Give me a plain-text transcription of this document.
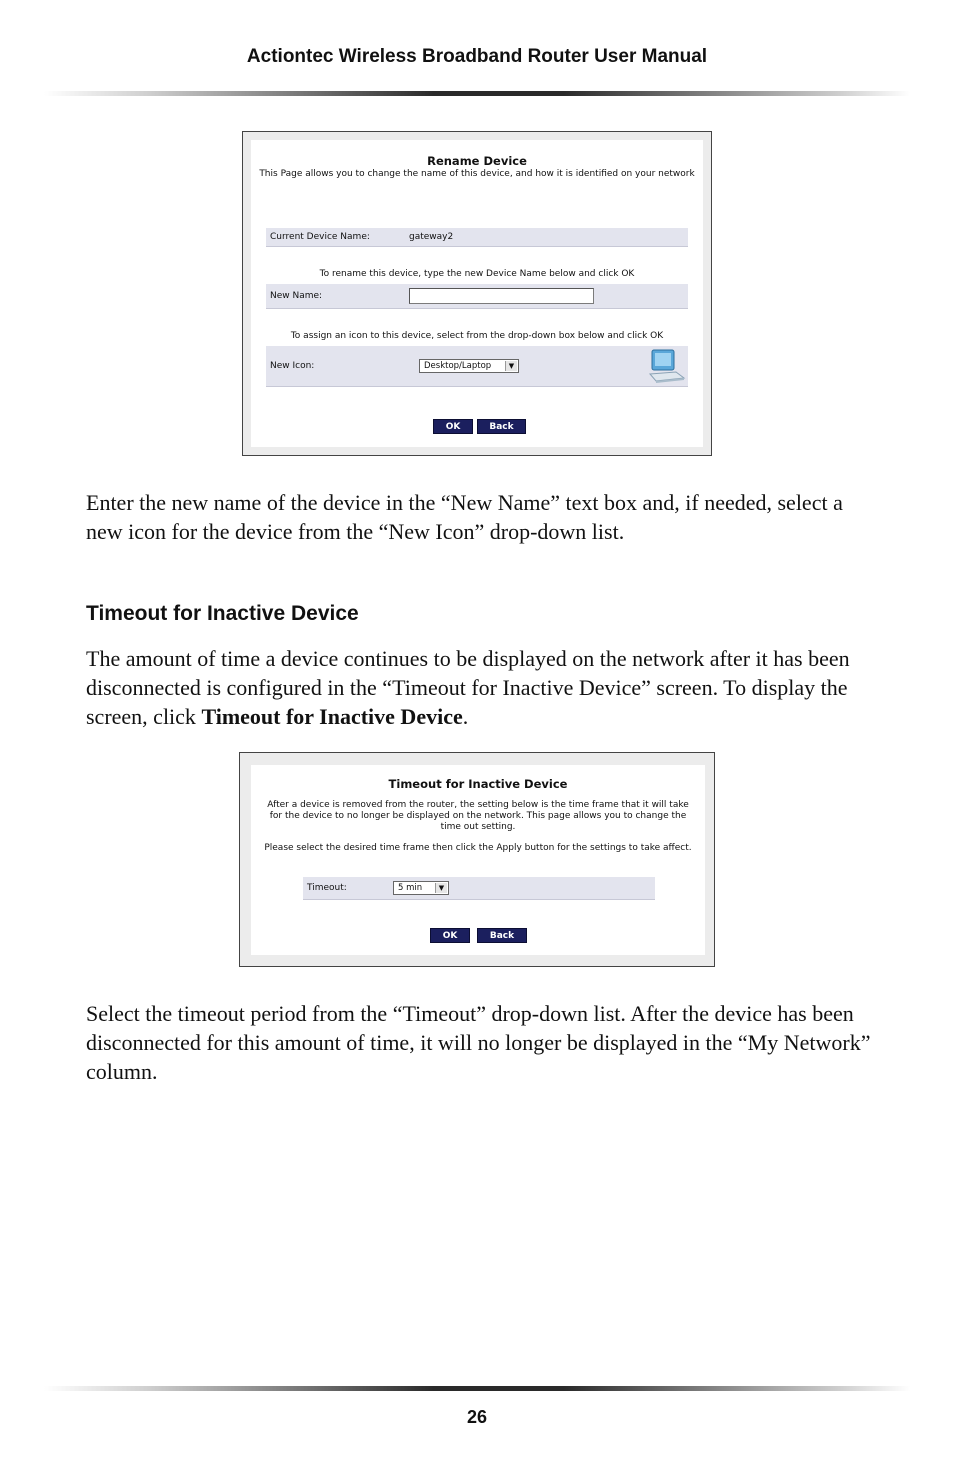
Actiontec Wireless Broadband Router User Manual
Rename Device
This Page allows you to change the name of this device, and how it is identified on your network
Current Device Name:	gateway2
To rename this device, type the new Device Name below and click OK
New Name:
To assign an icon to this device, select from the drop-down box below and click OK
New Icon:	Desktop/Laptop	▼
OK	Back

Enter the new name of the device in the “New Name” text box and, if needed, select a new icon for the device from the “New Icon” drop-down list.

Timeout for Inactive Device

The amount of time a device continues to be displayed on the network after it has been disconnected is configured in the “Timeout for Inactive Device” screen. To display the screen, click Timeout for Inactive Device.

Timeout for Inactive Device
After a device is removed from the router, the setting below is the time frame that it will take for the device to no longer be displayed on the network. This page allows you to change the time out setting.
Please select the desired time frame then click the Apply button for the settings to take affect.
Timeout:	5 min	▼
OK	Back

Select the timeout period from the “Timeout” drop-down list. After the device has been disconnected for this amount of time, it will no longer be displayed in the “My Network” column.

26
